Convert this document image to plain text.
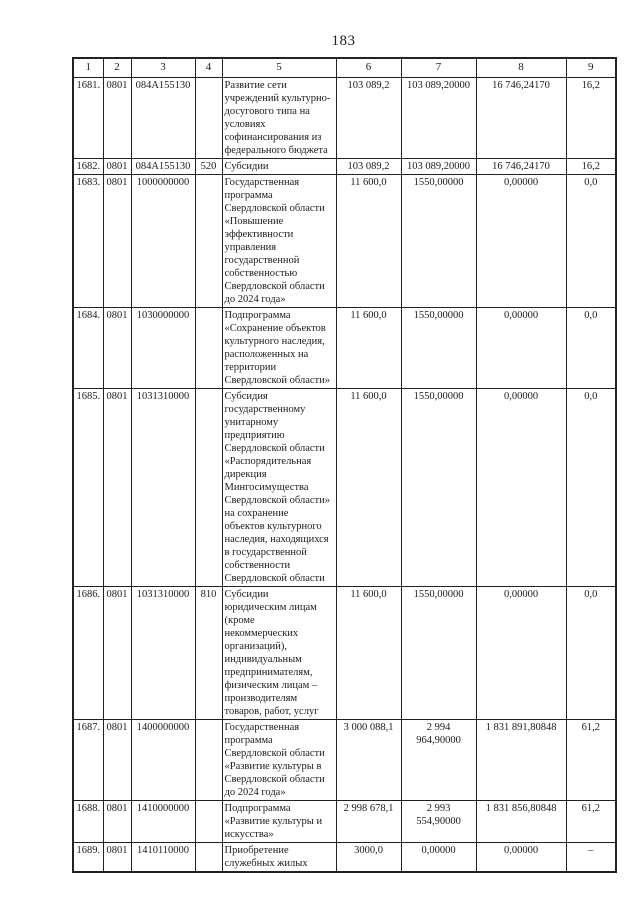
183
1	2	3	4	5	6	7	8	9
1681.	0801	084A155130		Развитие сети
учреждений культурно-
досугового типа на
условиях
софинансирования из
федерального бюджета	103 089,2	103 089,20000	16 746,24170	16,2
1682.	0801	084A155130	520	Субсидии	103 089,2	103 089,20000	16 746,24170	16,2
1683.	0801	1000000000		Государственная
программа
Свердловской области
«Повышение
эффективности
управления
государственной
собственностью
Свердловской области
до 2024 года»	11 600,0	1550,00000	0,00000	0,0
1684.	0801	1030000000		Подпрограмма
«Сохранение объектов
культурного наследия,
расположенных на
территории
Свердловской области»	11 600,0	1550,00000	0,00000	0,0
1685.	0801	1031310000		Субсидия
государственному
унитарному
предприятию
Свердловской области
«Распорядительная
дирекция
Мингосимущества
Свердловской области»
на сохранение
объектов культурного
наследия, находящихся
в государственной
собственности
Свердловской области	11 600,0	1550,00000	0,00000	0,0
1686.	0801	1031310000	810	Субсидии
юридическим лицам
(кроме
некоммерческих
организаций),
индивидуальным
предпринимателям,
физическим лицам –
производителям
товаров, работ, услуг	11 600,0	1550,00000	0,00000	0,0
1687.	0801	1400000000		Государственная
программа
Свердловской области
«Развитие культуры в
Свердловской области
до 2024 года»	3 000 088,1	2 994 964,90000	1 831 891,80848	61,2
1688.	0801	1410000000		Подпрограмма
«Развитие культуры и
искусства»	2 998 678,1	2 993 554,90000	1 831 856,80848	61,2
1689.	0801	1410110000		Приобретение
служебных жилых	3000,0	0,00000	0,00000	–
